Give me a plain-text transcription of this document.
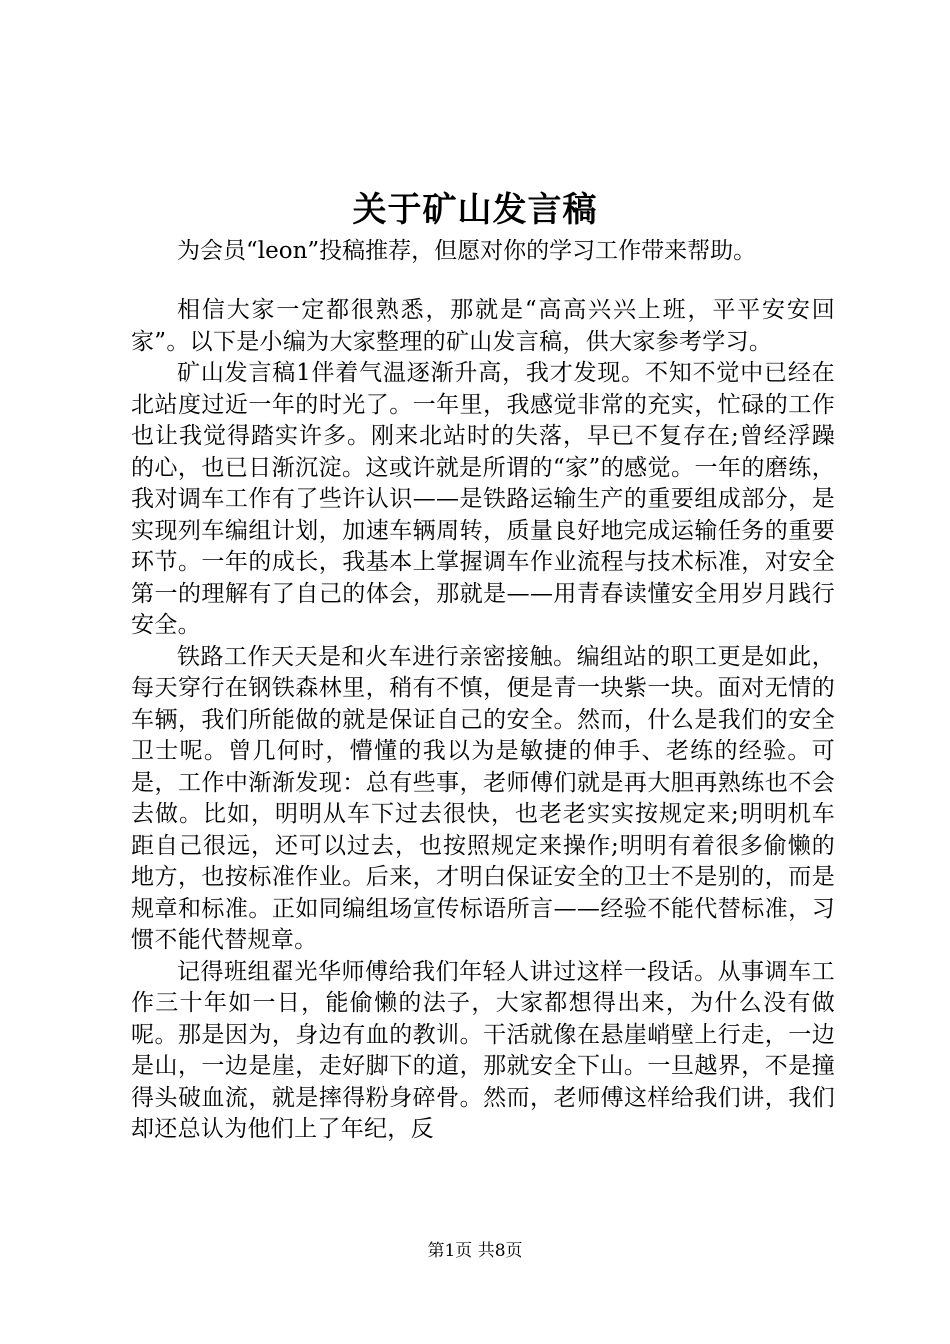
关于矿山发言稿
为会员“leon”投稿推荐，但愿对你的学习工作带来帮助。

相信大家一定都很熟悉，那就是“高高兴兴上班，平平安安回家”。以下是小编为大家整理的矿山发言稿，供大家参考学习。

矿山发言稿1伴着气温逐渐升高，我才发现。不知不觉中已经在北站度过近一年的时光了。一年里，我感觉非常的充实，忙碌的工作也让我觉得踏实许多。刚来北站时的失落，早已不复存在;曾经浮躁的心，也已日渐沉淀。这或许就是所谓的“家”的感觉。一年的磨练，我对调车工作有了些许认识——是铁路运输生产的重要组成部分，是实现列车编组计划，加速车辆周转，质量良好地完成运输任务的重要环节。一年的成长，我基本上掌握调车作业流程与技术标准，对安全第一的理解有了自己的体会，那就是——用青春读懂安全用岁月践行安全。

铁路工作天天是和火车进行亲密接触。编组站的职工更是如此，每天穿行在钢铁森林里，稍有不慎，便是青一块紫一块。面对无情的车辆，我们所能做的就是保证自己的安全。然而，什么是我们的安全卫士呢。曾几何时，懵懂的我以为是敏捷的伸手、老练的经验。可是，工作中渐渐发现：总有些事，老师傅们就是再大胆再熟练也不会去做。比如，明明从车下过去很快，也老老实实按规定来;明明机车距自己很远，还可以过去，也按照规定来操作;明明有着很多偷懒的地方，也按标准作业。后来，才明白保证安全的卫士不是别的，而是规章和标准。正如同编组场宣传标语所言——经验不能代替标准，习惯不能代替规章。

记得班组翟光华师傅给我们年轻人讲过这样一段话。从事调车工作三十年如一日，能偷懒的法子，大家都想得出来，为什么没有做呢。那是因为，身边有血的教训。干活就像在悬崖峭壁上行走，一边是山，一边是崖，走好脚下的道，那就安全下山。一旦越界，不是撞得头破血流，就是摔得粉身碎骨。然而，老师傅这样给我们讲，我们却还总认为他们上了年纪，反

第1页 共8页
